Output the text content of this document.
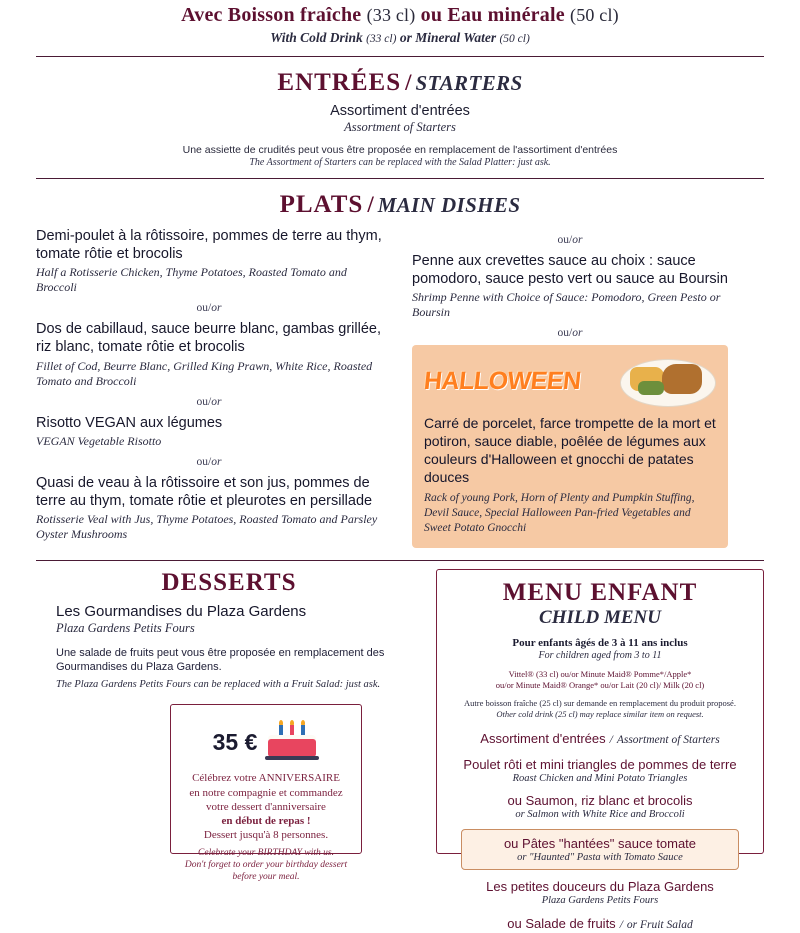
Avec Boisson fraîche (33 cl) ou Eau minérale (50 cl)
With Cold Drink (33 cl) or Mineral Water (50 cl)
ENTRÉES / STARTERS
Assortiment d'entrées
Assortment of Starters
Une assiette de crudités peut vous être proposée en remplacement de l'assortiment d'entrées
The Assortment of Starters can be replaced with the Salad Platter: just ask.
PLATS / MAIN DISHES
Demi-poulet à la rôtissoire, pommes de terre au thym, tomate rôtie et brocolis
Half a Rotisserie Chicken, Thyme Potatoes, Roasted Tomato and Broccoli
ou/or
Dos de cabillaud, sauce beurre blanc, gambas grillée, riz blanc, tomate rôtie et brocolis
Fillet of Cod, Beurre Blanc, Grilled King Prawn, White Rice, Roasted Tomato and Broccoli
ou/or
Risotto VEGAN aux légumes
VEGAN Vegetable Risotto
ou/or
Quasi de veau à la rôtissoire et son jus, pommes de terre au thym, tomate rôtie et pleurotes en persillade
Rotisserie Veal with Jus, Thyme Potatoes, Roasted Tomato and Parsley Oyster Mushrooms
ou/or
Penne aux crevettes sauce au choix : sauce pomodoro, sauce pesto vert ou sauce au Boursin
Shrimp Penne with Choice of Sauce: Pomodoro, Green Pesto or Boursin
ou/or
HALLOWEEN
Carré de porcelet, farce trompette de la mort et potiron, sauce diable, poêlée de légumes aux couleurs d'Halloween et gnocchi de patates douces
Rack of young Pork, Horn of Plenty and Pumpkin Stuffing, Devil Sauce, Special Halloween Pan-fried Vegetables and Sweet Potato Gnocchi
DESSERTS
Les Gourmandises du Plaza Gardens
Plaza Gardens Petits Fours
Une salade de fruits peut vous être proposée en remplacement des Gourmandises du Plaza Gardens.
The Plaza Gardens Petits Fours can be replaced with a Fruit Salad: just ask.
35 €
Célébrez votre ANNIVERSAIRE
en notre compagnie et commandez
votre dessert d'anniversaire
en début de repas !
Dessert jusqu'à 8 personnes.
Celebrate your BIRTHDAY with us.
Don't forget to order your birthday dessert
before your meal.
MENU ENFANT
CHILD MENU
Pour enfants âgés de 3 à 11 ans inclus
For children aged from 3 to 11
Vittel® (33 cl) ou/or Minute Maid® Pomme*/Apple*
ou/or Minute Maid® Orange* ou/or Lait (20 cl)/ Milk (20 cl)
Autre boisson fraîche (25 cl) sur demande en remplacement du produit proposé.
Other cold drink (25 cl) may replace similar item on request.
Assortiment d'entrées / Assortment of Starters
Poulet rôti et mini triangles de pommes de terre
Roast Chicken and Mini Potato Triangles
ou Saumon, riz blanc et brocolis
or Salmon with White Rice and Broccoli
ou Pâtes "hantées" sauce tomate
or "Haunted" Pasta with Tomato Sauce
Les petites douceurs du Plaza Gardens
Plaza Gardens Petits Fours
ou Salade de fruits / or Fruit Salad
